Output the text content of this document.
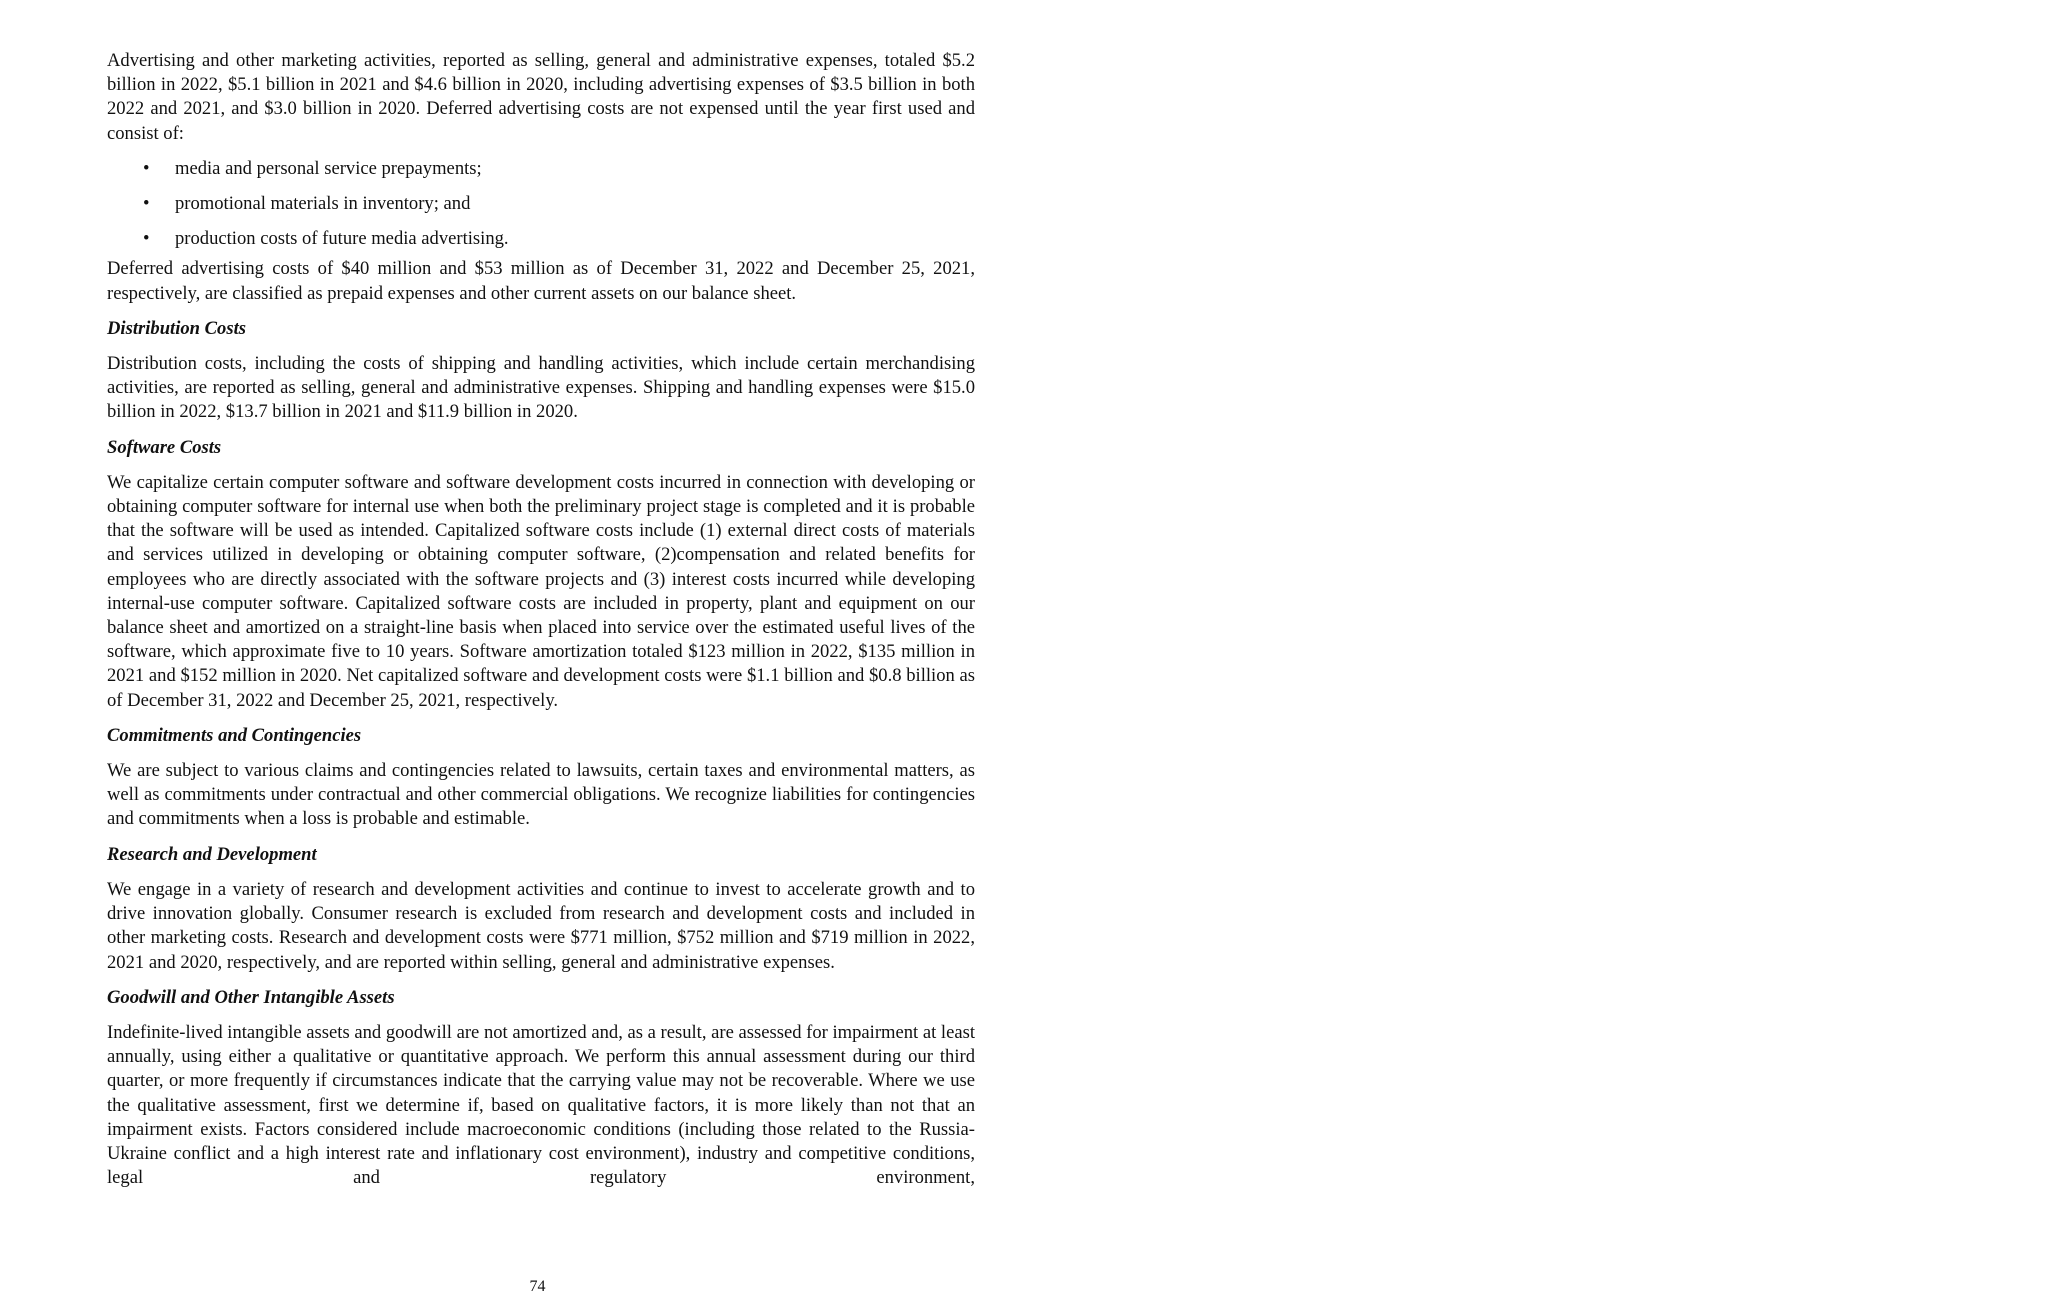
Advertising and other marketing activities, reported as selling, general and administrative expenses, totaled $5.2 billion in 2022, $5.1 billion in 2021 and $4.6 billion in 2020, including advertising expenses of $3.5 billion in both 2022 and 2021, and $3.0 billion in 2020. Deferred advertising costs are not expensed until the year first used and consist of:

• media and personal service prepayments;
• promotional materials in inventory; and
• production costs of future media advertising.

Deferred advertising costs of $40 million and $53 million as of December 31, 2022 and December 25, 2021, respectively, are classified as prepaid expenses and other current assets on our balance sheet.

Distribution Costs

Distribution costs, including the costs of shipping and handling activities, which include certain merchandising activities, are reported as selling, general and administrative expenses. Shipping and handling expenses were $15.0 billion in 2022, $13.7 billion in 2021 and $11.9 billion in 2020.

Software Costs

We capitalize certain computer software and software development costs incurred in connection with developing or obtaining computer software for internal use when both the preliminary project stage is completed and it is probable that the software will be used as intended. Capitalized software costs include (1) external direct costs of materials and services utilized in developing or obtaining computer software, (2)compensation and related benefits for employees who are directly associated with the software projects and (3) interest costs incurred while developing internal-use computer software. Capitalized software costs are included in property, plant and equipment on our balance sheet and amortized on a straight-line basis when placed into service over the estimated useful lives of the software, which approximate five to 10 years. Software amortization totaled $123 million in 2022, $135 million in 2021 and $152 million in 2020. Net capitalized software and development costs were $1.1 billion and $0.8 billion as of December 31, 2022 and December 25, 2021, respectively.

Commitments and Contingencies

We are subject to various claims and contingencies related to lawsuits, certain taxes and environmental matters, as well as commitments under contractual and other commercial obligations. We recognize liabilities for contingencies and commitments when a loss is probable and estimable.

Research and Development

We engage in a variety of research and development activities and continue to invest to accelerate growth and to drive innovation globally. Consumer research is excluded from research and development costs and included in other marketing costs. Research and development costs were $771 million, $752 million and $719 million in 2022, 2021 and 2020, respectively, and are reported within selling, general and administrative expenses.

Goodwill and Other Intangible Assets

Indefinite-lived intangible assets and goodwill are not amortized and, as a result, are assessed for impairment at least annually, using either a qualitative or quantitative approach. We perform this annual assessment during our third quarter, or more frequently if circumstances indicate that the carrying value may not be recoverable. Where we use the qualitative assessment, first we determine if, based on qualitative factors, it is more likely than not that an impairment exists. Factors considered include macroeconomic conditions (including those related to the Russia-Ukraine conflict and a high interest rate and inflationary cost environment), industry and competitive conditions, legal and regulatory environment,

74
